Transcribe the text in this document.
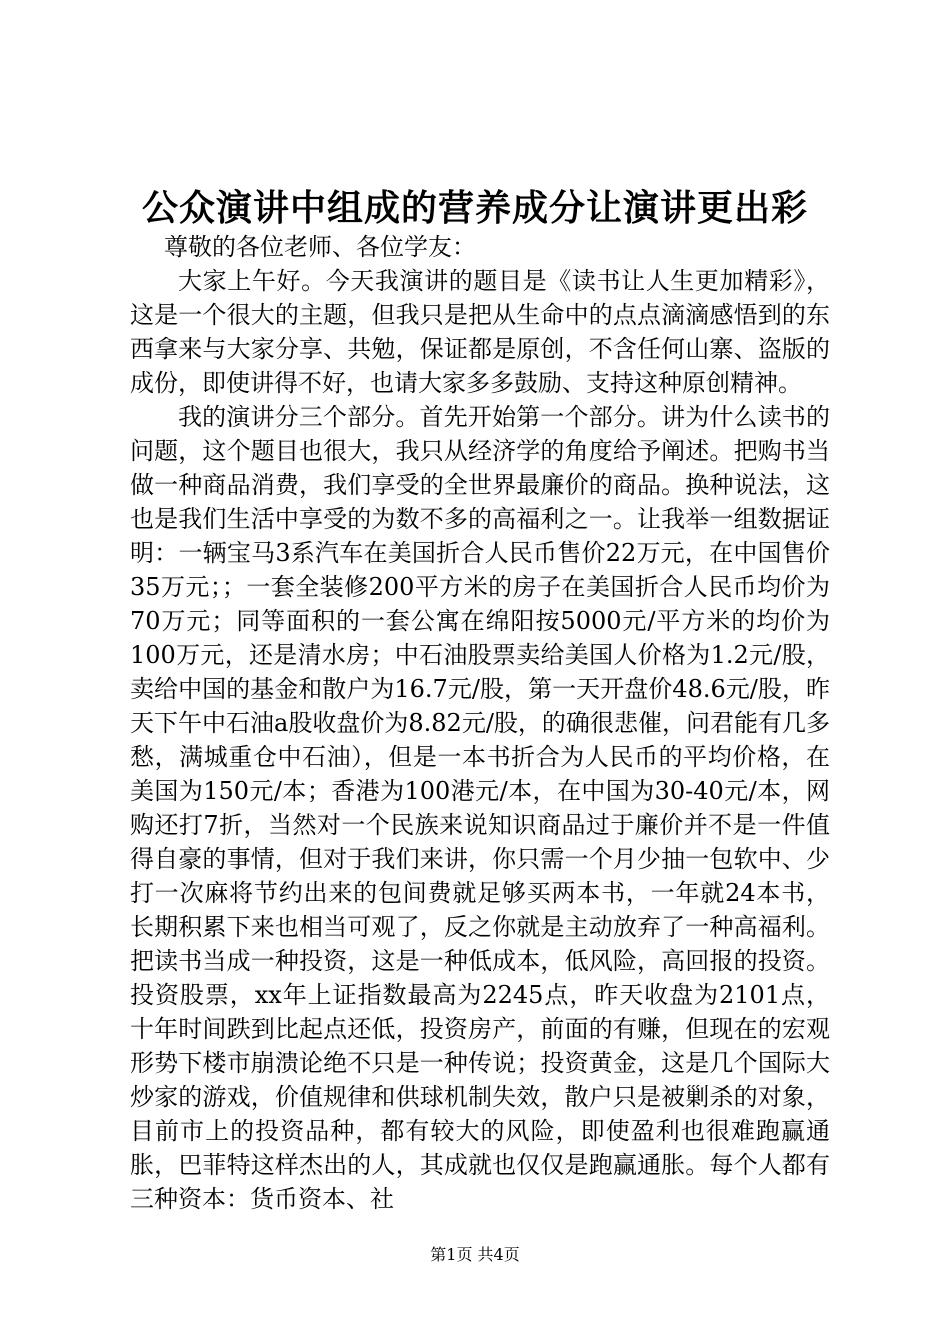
公众演讲中组成的营养成分让演讲更出彩

尊敬的各位老师、各位学友：

大家上午好。今天我演讲的题目是《读书让人生更加精彩》，这是一个很大的主题，但我只是把从生命中的点点滴滴感悟到的东西拿来与大家分享、共勉，保证都是原创，不含任何山寨、盗版的成份，即使讲得不好，也请大家多多鼓励、支持这种原创精神。

我的演讲分三个部分。首先开始第一个部分。讲为什么读书的问题，这个题目也很大，我只从经济学的角度给予阐述。把购书当做一种商品消费，我们享受的全世界最廉价的商品。换种说法，这也是我们生活中享受的为数不多的高福利之一。让我举一组数据证明：一辆宝马3系汽车在美国折合人民币售价22万元，在中国售价35万元；；一套全装修200平方米的房子在美国折合人民币均价为70万元；同等面积的一套公寓在绵阳按5000元/平方米的均价为100万元，还是清水房；中石油股票卖给美国人价格为1.2元/股，卖给中国的基金和散户为16.7元/股，第一天开盘价48.6元/股，昨天下午中石油a股收盘价为8.82元/股，的确很悲催，问君能有几多愁，满城重仓中石油），但是一本书折合为人民币的平均价格，在美国为150元/本；香港为100港元/本，在中国为30-40元/本，网购还打7折，当然对一个民族来说知识商品过于廉价并不是一件值得自豪的事情，但对于我们来讲，你只需一个月少抽一包软中、少打一次麻将节约出来的包间费就足够买两本书，一年就24本书，长期积累下来也相当可观了，反之你就是主动放弃了一种高福利。把读书当成一种投资，这是一种低成本，低风险，高回报的投资。投资股票，xx年上证指数最高为2245点，昨天收盘为2101点，十年时间跌到比起点还低，投资房产，前面的有赚，但现在的宏观形势下楼市崩溃论绝不只是一种传说；投资黄金，这是几个国际大炒家的游戏，价值规律和供球机制失效，散户只是被剿杀的对象，目前市上的投资品种，都有较大的风险，即使盈利也很难跑赢通胀，巴菲特这样杰出的人，其成就也仅仅是跑赢通胀。每个人都有三种资本：货币资本、社

第1页 共4页
